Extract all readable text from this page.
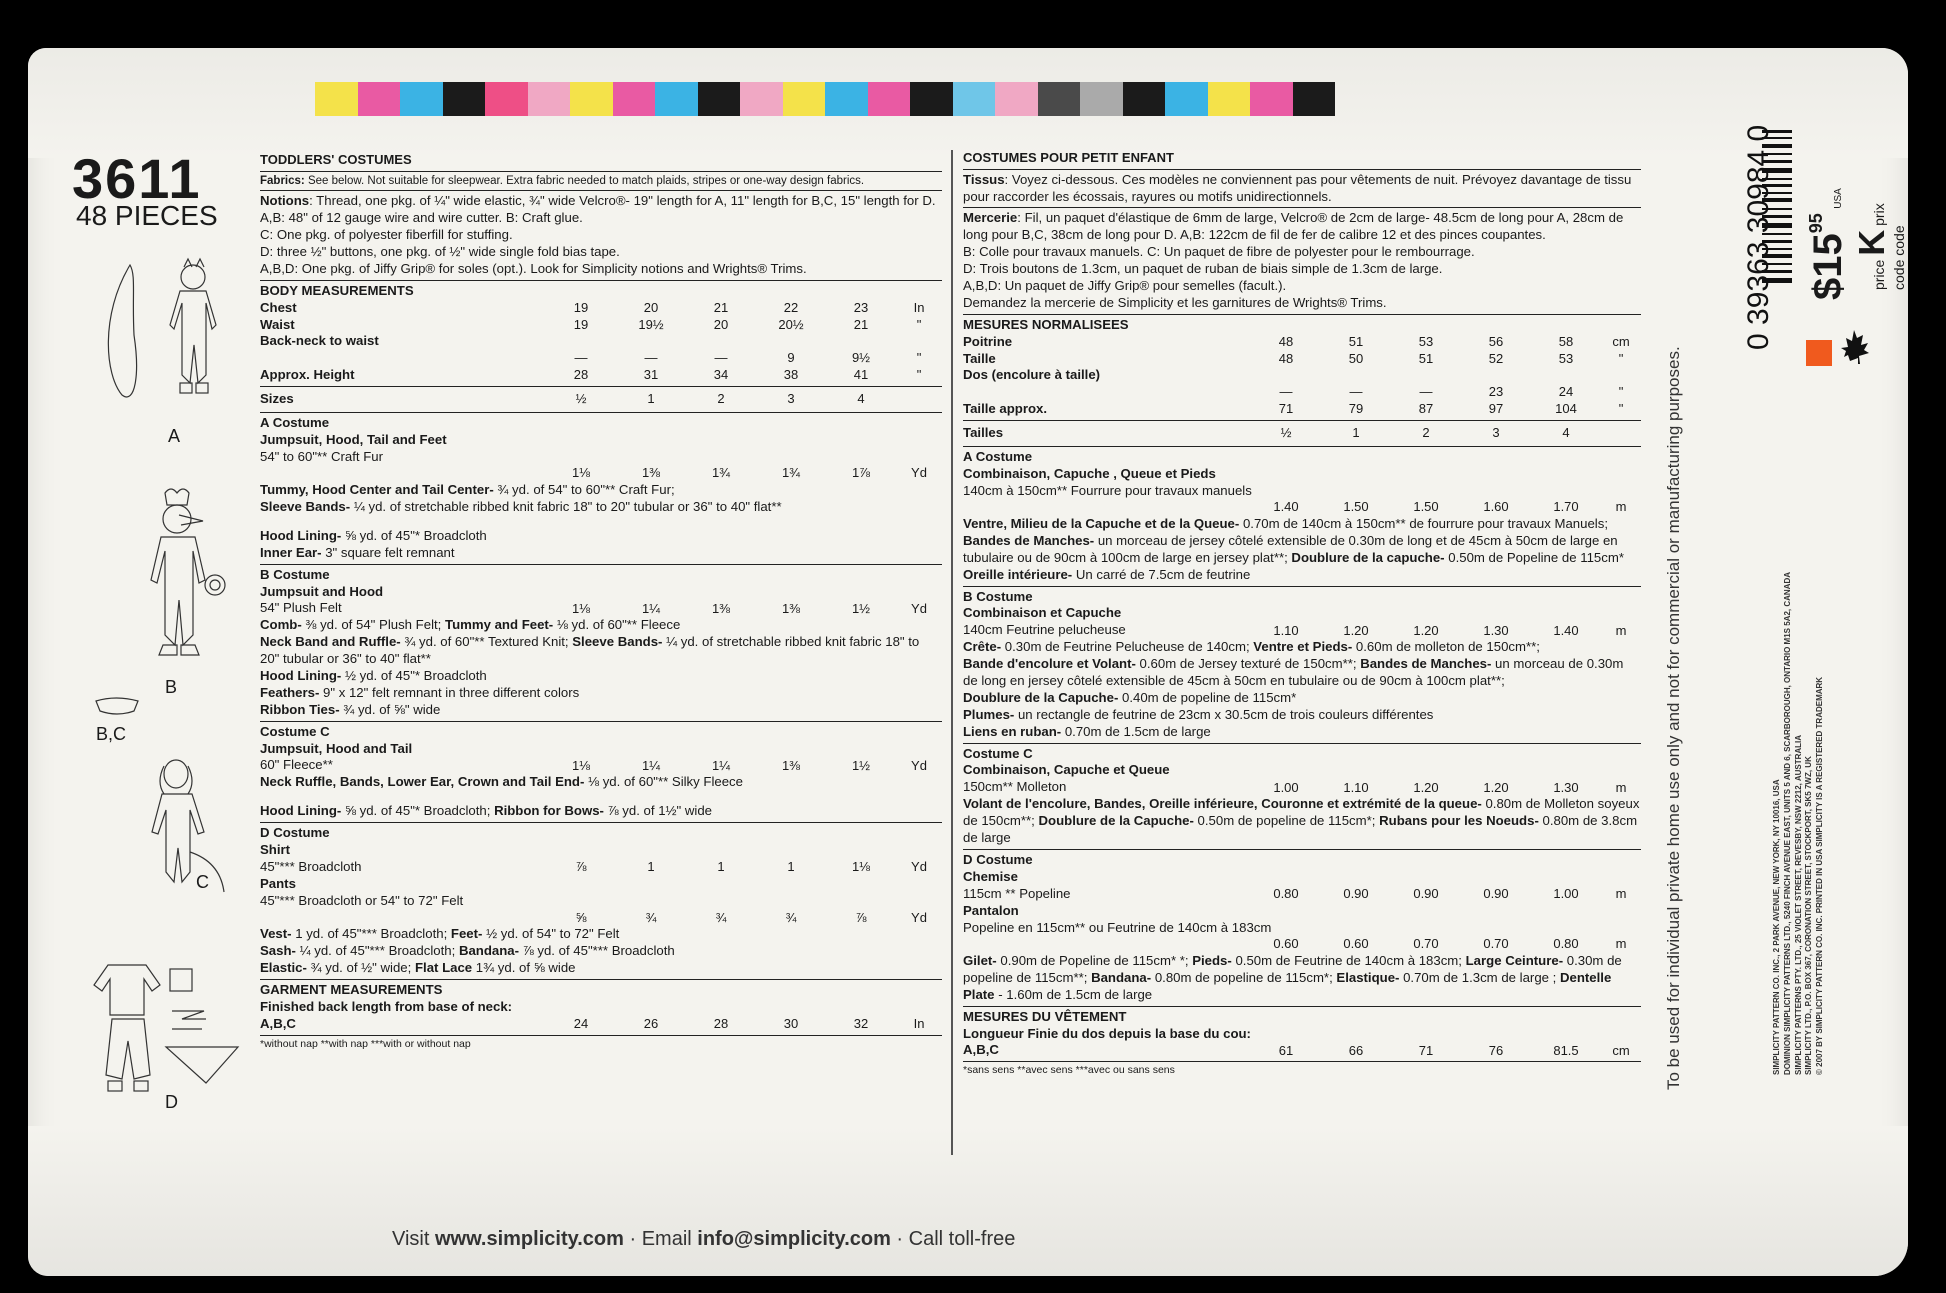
3611
48 PIECES
A
B
B,C
C
D
TODDLERS' COSTUMES
Fabrics: See below. Not suitable for sleepwear. Extra fabric needed to match plaids, stripes or one-way design fabrics.
Notions: Thread, one pkg. of ¼" wide elastic, ¾" wide Velcro®- 19" length for A, 11" length for B,C, 15" length for D.
A,B: 48" of 12 gauge wire and wire cutter. B: Craft glue.
C: One pkg. of polyester fiberfill for stuffing.
D: three ½" buttons, one pkg. of ½" wide single fold bias tape.
A,B,D: One pkg. of Jiffy Grip® for soles (opt.). Look for Simplicity notions and Wrights® Trims.
BODY MEASUREMENTS
Chest	19	20	21	22	23	In
Waist	19	19½	20	20½	21	"
Back-neck to waist
—	—	—	9	9½	"
Approx. Height	28	31	34	38	41	"
Sizes	½	1	2	3	4
A Costume
Jumpsuit, Hood, Tail and Feet
54" to 60"** Craft Fur
1⅛	1⅜	1¾	1¾	1⅞	Yd
Tummy, Hood Center and Tail Center- ¾ yd. of 54" to 60"** Craft Fur;
Sleeve Bands- ¼ yd. of stretchable ribbed knit fabric 18" to 20" tubular or 36" to 40" flat**
Hood Lining- ⅝ yd. of 45"* Broadcloth
Inner Ear- 3" square felt remnant
B Costume
Jumpsuit and Hood
54" Plush Felt	1⅛	1¼	1⅜	1⅜	1½	Yd
Comb- ⅜ yd. of 54" Plush Felt; Tummy and Feet- ⅛ yd. of 60"** Fleece
Neck Band and Ruffle- ¾ yd. of 60"** Textured Knit; Sleeve Bands- ¼ yd. of stretchable ribbed knit fabric 18" to 20" tubular or 36" to 40" flat**
Hood Lining- ½ yd. of 45"* Broadcloth
Feathers- 9" x 12" felt remnant in three different colors
Ribbon Ties- ¾ yd. of ⅝" wide
Costume C
Jumpsuit, Hood and Tail
60" Fleece**	1⅛	1¼	1¼	1⅜	1½	Yd
Neck Ruffle, Bands, Lower Ear, Crown and Tail End- ⅛ yd. of 60"** Silky Fleece
Hood Lining- ⅝ yd. of 45"* Broadcloth; Ribbon for Bows- ⅞ yd. of 1½" wide
D Costume
Shirt
45"*** Broadcloth	⅞	1	1	1	1⅛	Yd
Pants
45"*** Broadcloth or 54" to 72" Felt
⅝	¾	¾	¾	⅞	Yd
Vest- 1 yd. of 45"*** Broadcloth; Feet- ½ yd. of 54" to 72" Felt
Sash- ¼ yd. of 45"*** Broadcloth; Bandana- ⅞ yd. of 45"*** Broadcloth
Elastic- ¾ yd. of ½" wide; Flat Lace 1¾ yd. of ⅝ wide
GARMENT MEASUREMENTS
Finished back length from base of neck:
A,B,C	24	26	28	30	32	In
*without nap **with nap ***with or without nap
COSTUMES POUR PETIT ENFANT
Tissus: Voyez ci-dessous. Ces modèles ne conviennent pas pour vêtements de nuit. Prévoyez davantage de tissu pour raccorder les écossais, rayures ou motifs unidirectionnels.
Mercerie: Fil, un paquet d'élastique de 6mm de large, Velcro® de 2cm de large- 48.5cm de long pour A, 28cm de long pour B,C, 38cm de long pour D. A,B: 122cm de fil de fer de calibre 12 et des pinces coupantes.
B: Colle pour travaux manuels. C: Un paquet de fibre de polyester pour le rembourrage.
D: Trois boutons de 1.3cm, un paquet de ruban de biais simple de 1.3cm de large.
A,B,D: Un paquet de Jiffy Grip® pour semelles (facult.).
Demandez la mercerie de Simplicity et les garnitures de Wrights® Trims.
MESURES NORMALISEES
Poitrine	48	51	53	56	58	cm
Taille	48	50	51	52	53	"
Dos (encolure à taille)
—	—	—	23	24	"
Taille approx.	71	79	87	97	104	"
Tailles	½	1	2	3	4
A Costume
Combinaison, Capuche , Queue et Pieds
140cm à 150cm** Fourrure pour travaux manuels
1.40	1.50	1.50	1.60	1.70	m
Ventre, Milieu de la Capuche et de la Queue- 0.70m de 140cm à 150cm** de fourrure pour travaux Manuels;
Bandes de Manches- un morceau de jersey côtelé extensible de 0.30m de long et de 45cm à 50cm de large en tubulaire ou de 90cm à 100cm de large en jersey plat**; Doublure de la capuche- 0.50m de Popeline de 115cm*
Oreille intérieure- Un carré de 7.5cm de feutrine
B Costume
Combinaison et Capuche
140cm Feutrine pelucheuse	1.10	1.20	1.20	1.30	1.40	m
Crête- 0.30m de Feutrine Pelucheuse de 140cm; Ventre et Pieds- 0.60m de molleton de 150cm**;
Bande d'encolure et Volant- 0.60m de Jersey texturé de 150cm**; Bandes de Manches- un morceau de 0.30m de long en jersey côtelé extensible de 45cm à 50cm en tubulaire ou de 90cm à 100cm plat**;
Doublure de la Capuche- 0.40m de popeline de 115cm*
Plumes- un rectangle de feutrine de 23cm x 30.5cm de trois couleurs différentes
Liens en ruban- 0.70m de 1.5cm de large
Costume C
Combinaison, Capuche et Queue
150cm** Molleton	1.00	1.10	1.20	1.20	1.30	m
Volant de l'encolure, Bandes, Oreille inférieure, Couronne et extrémité de la queue- 0.80m de Molleton soyeux de 150cm**; Doublure de la Capuche- 0.50m de popeline de 115cm*; Rubans pour les Noeuds- 0.80m de 3.8cm de large
D Costume
Chemise
115cm ** Popeline	0.80	0.90	0.90	0.90	1.00	m
Pantalon
Popeline en 115cm** ou Feutrine de 140cm à 183cm
0.60	0.60	0.70	0.70	0.80	m
Gilet- 0.90m de Popeline de 115cm* *; Pieds- 0.50m de Feutrine de 140cm à 183cm; Large Ceinture- 0.30m de popeline de 115cm**; Bandana- 0.80m de popeline de 115cm*; Elastique- 0.70m de 1.3cm de large ; Dentelle Plate - 1.60m de 1.5cm de large
MESURES DU VÊTEMENT
Longueur Finie du dos depuis la base du cou:
A,B,C	61	66	71	76	81.5	cm
*sans sens **avec sens ***avec ou sans sens	To be used for individual private home use only and not for commercial or manufacturing purposes.	SIMPLICITY PATTERN CO. INC., 2 PARK AVENUE, NEW YORK, NY 10016, USA DOMINION SIMPLICITY PATTERNS LTD., 5240 FINCH AVENUE EAST, UNITS 5 AND 6, SCARBOROUGH, ONTARIO M1S 5A2, CANADA SIMPLICITY PATTERNS PTY. LTD., 25 VIOLET STREET, REVESBY, NSW 2212, AUSTRALIA SIMPLICITY LTD., P.O. BOX 367, CORONATION STREET, STOCKPORT, SK5 7WZ, UK © 2007 BY SIMPLICITY PATTERN CO. INC. PRINTED IN USA SIMPLICITY IS A REGISTERED TRADEMARK
0 39363 30984 0 $1595 USA
price K prix
code code
Visit www.simplicity.com · Email info@simplicity.com · Call toll-free
